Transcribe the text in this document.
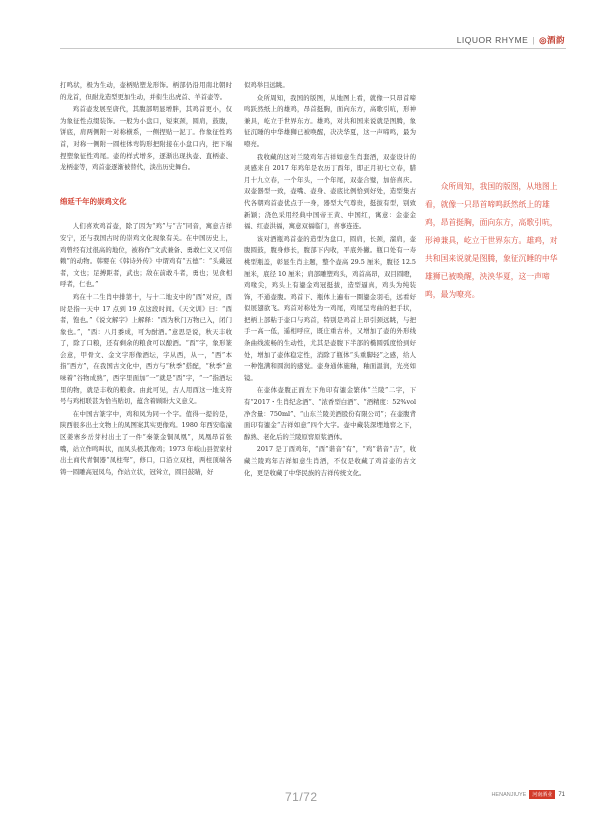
LIQUOR RHYME | ◎酒韵

打鸣状，极为生动，壶柄贴塑龙形饰。柄部仍沿用南北朝时的龙首，但耐龙造型更加生动，并衔生出虎首、羊首壶等。

鸡首壶发展至唐代，其腹部明显增胖，其鸡首更小，仅为象征性点缀装饰。一般为小盘口，短束颈，圆肩，鼓腹，饼底，肩两侧附一对称横系，一侧捏贴一泥丁。作象征性鸡首，对称一侧附一圆柱体弯钩形把附接在小盘口内，把下端捏塑象征性鸡尾。壶的样式增多，逐渐出现执壶、直柄壶、龙柄壶等，鸡首壶逐渐被替代，淡出历史舞台。

绵延千年的崇鸡文化

人们喜欢鸡首壶，除了因为“鸡”与“吉”同音，寓意吉祥安宁，还与我国古时的崇鸡文化现象有关。在中国历史上，鸡曾经有过很高的地位，被称作“文武兼备、勇敢仁义又可信赖”的动物。韩婴在《韩诗外传》中谓鸡有“五德”：“头戴冠者，文也；足搏距者，武也；敌在前敢斗者，勇也；见食相呼者，仁也。”

鸡在十二生肖中排第十，与十二地支中的“酉”对应，酉时是指一天中 17 点到 19 点这段时间。《天文训》曰：“酉者，饱也。”《说文解字》上解释：“酉为秋门万物已入，闭门象也。”，“酉：八月黍成，可为酎酒。”意思是说，秋天丰收了，除了口粮，还有剩余的粮食可以酿酒。“酉”字，象形篆会意，甲骨文、金文字形像酒坛，字从西，从一，“西”本指“西方”，在我国古文化中，西方与“秋季”搭配，“秋季”意味着“谷物成熟”，西字里面加“一”就是“酉”字，“一”指酒坛里的物，就是丰收的粮食。由此可见，古人用酉这一地支符号与鸡相联甚为恰当贴切，蕴含着顾盼大义意义。

在中国古篆字中，鸡和凤为同一个字。值得一提的是，陕西很多出土文物上的凤图案其实更像鸡。1980 年西安临潼区姜寨乡岳芽村出土了一件“秦篆金铜凤凰”，凤凰昂首张嘴，站立作鸣叫状，而凤头极其像鸡；1973 年岐山县贺家村出土商代青铜器“凤柱斝”，修口，口沿立双柱，两柱顶端各铸一圆雕高冠凤鸟，作站立状，冠耸立，圆目鼓睛，好

似鸡举目远眺。

众所周知，我国的版图，从地图上看，就像一只昂首啼鸣跃然纸上的雄鸡，昂首挺胸，面向东方，高歌引吭，形神兼具，屹立于世界东方。雄鸡，对共和国来说就是图腾，象征沉睡的中华雄狮已被唤醒，决决华夏，这一声啼鸣，最为嘹亮。

我收藏的这对兰陵鸡年吉祥如意生肖套酒，双壶设计的灵感来自 2017 年鸡年是农历丁酉年，即正月初七立春，腊月十九立春，一个年头，一个年尾，双壶合璧，加倍喜庆。双壶器型一致，壶嘴、壶身、壶底比例恰到好处，造型集古代各朝鸡首壶优点于一身，器型大气尊贵，挺拔有型，别致新颖；浇色采用经典中国帝王黄、中国红，寓意：金壶金福、红壶洪福，寓意双福临门，喜事连连。

该对酒瓶鸡首壶的造型为盘口，圆肩，长颈，溜肩，壶腹圆鼓，腹身修长，腹部下内收，平底外撇。瓶口处有一寿桃型瓶盖，彰显生肖主题，整个壶高 29.5 厘米，腹径 12.5 厘米，底径 10 厘米；肩部雕塑鸡头，鸡首高昂，双目圆瞪，鸡喙尖，鸡头上有鎏金鸡冠挺拔，造型逼真，鸡头为纯装饰，不通壶腹。鸡首下、瓶体上遍布一圈鎏金羽毛，远看好似展翅欲飞。鸡首对称处为一鸡尾，鸡尾呈弯曲的把手状，把柄上部粘于壶口与鸡首，特别是鸡首上昂引颈远眺，与把手一高一低，遥相呼应，既庄重古朴，又增加了壶的外形线条曲线流畅的生动性，尤其是壶腹下半部的椭圆弧度恰到好处，增加了壶体稳定性，消除了瓶体“头重脚轻”之感，给人一种饱满和圆润的感觉。壶身通体施釉，釉面温润，光亮如镜。

在壶体壶腹正面左下角印有鎏金繁体“兰陵”二字，下有“2017・生肖纪念酒”、“浓香型白酒”、“酒精度：52%vol 净含量：750ml”、“山东兰陵美酒股份有限公司”；在壶腹背面印有鎏金“吉祥如意”四个大字。壶中藏装深埋地窖之下，醇熟、老化后的兰陵原窖原浆酒体。

2017 是丁酉鸡年，“酉”谐音“有”，“鸡”谐音“吉”，收藏兰陵鸡年吉祥如意生肖酒，不仅是收藏了鸡首壶的古文化，更是收藏了中华民族的吉祥传统文化。

众所周知，我国的版图，从地图上看，就像一只昂首啼鸣跃然纸上的雄鸡，昂首挺胸，面向东方，高歌引吭，形神兼具，屹立于世界东方。雄鸡，对共和国来说就是图腾，象征沉睡的中华雄狮已被唤醒，泱泱华夏，这一声啼鸣，最为嘹亮。
71/72	HENANJIUYE	河南酒业	71
